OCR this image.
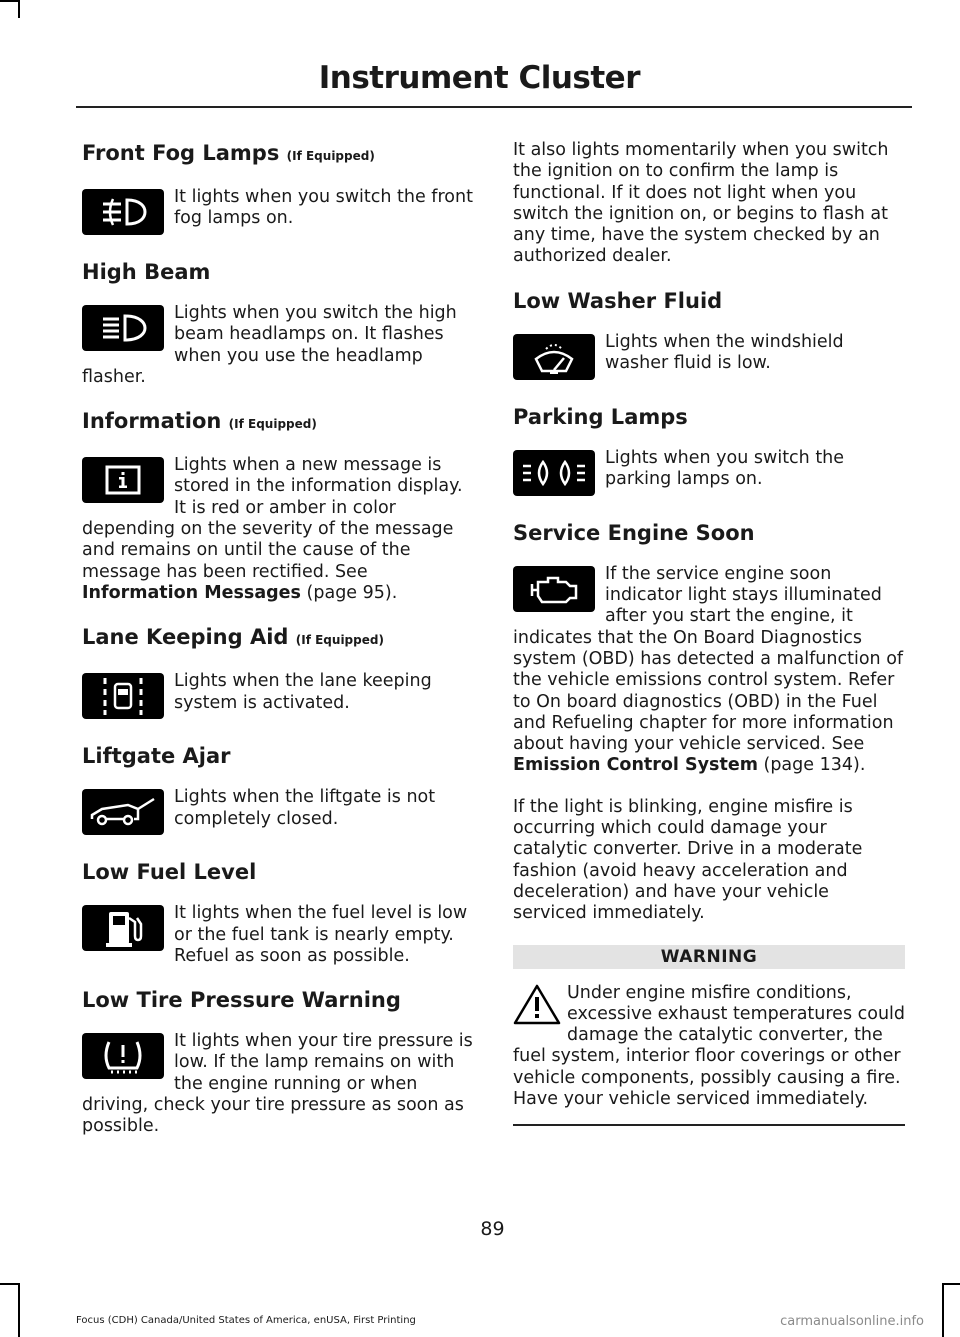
Instrument Cluster
Front Fog Lamps (If Equipped)

It lights when you switch the front fog lamps on.

High Beam

Lights when you switch the high beam headlamps on. It flashes when you use the headlamp flasher.

Information (If Equipped)

Lights when a new message is stored in the information display. It is red or amber in color depending on the severity of the message and remains on until the cause of the message has been rectified. See Information Messages (page 95).

Lane Keeping Aid (If Equipped)

Lights when the lane keeping system is activated.

Liftgate Ajar

Lights when the liftgate is not completely closed.

Low Fuel Level

It lights when the fuel level is low or the fuel tank is nearly empty. Refuel as soon as possible.

Low Tire Pressure Warning

It lights when your tire pressure is low. If the lamp remains on with the engine running or when driving, check your tire pressure as soon as possible.

It also lights momentarily when you switch the ignition on to confirm the lamp is functional. If it does not light when you switch the ignition on, or begins to flash at any time, have the system checked by an authorized dealer.

Low Washer Fluid

Lights when the windshield washer fluid is low.

Parking Lamps

Lights when you switch the parking lamps on.

Service Engine Soon

If the service engine soon indicator light stays illuminated after you start the engine, it indicates that the On Board Diagnostics system (OBD) has detected a malfunction of the vehicle emissions control system. Refer to On board diagnostics (OBD) in the Fuel and Refueling chapter for more information about having your vehicle serviced. See Emission Control System (page 134).

If the light is blinking, engine misfire is occurring which could damage your catalytic converter. Drive in a moderate fashion (avoid heavy acceleration and deceleration) and have your vehicle serviced immediately.

WARNING

Under engine misfire conditions, excessive exhaust temperatures could damage the catalytic converter, the fuel system, interior floor coverings or other vehicle components, possibly causing a fire. Have your vehicle serviced immediately.

89
Focus (CDH) Canada/United States of America, enUSA, First Printing	carmanualsonline.info
